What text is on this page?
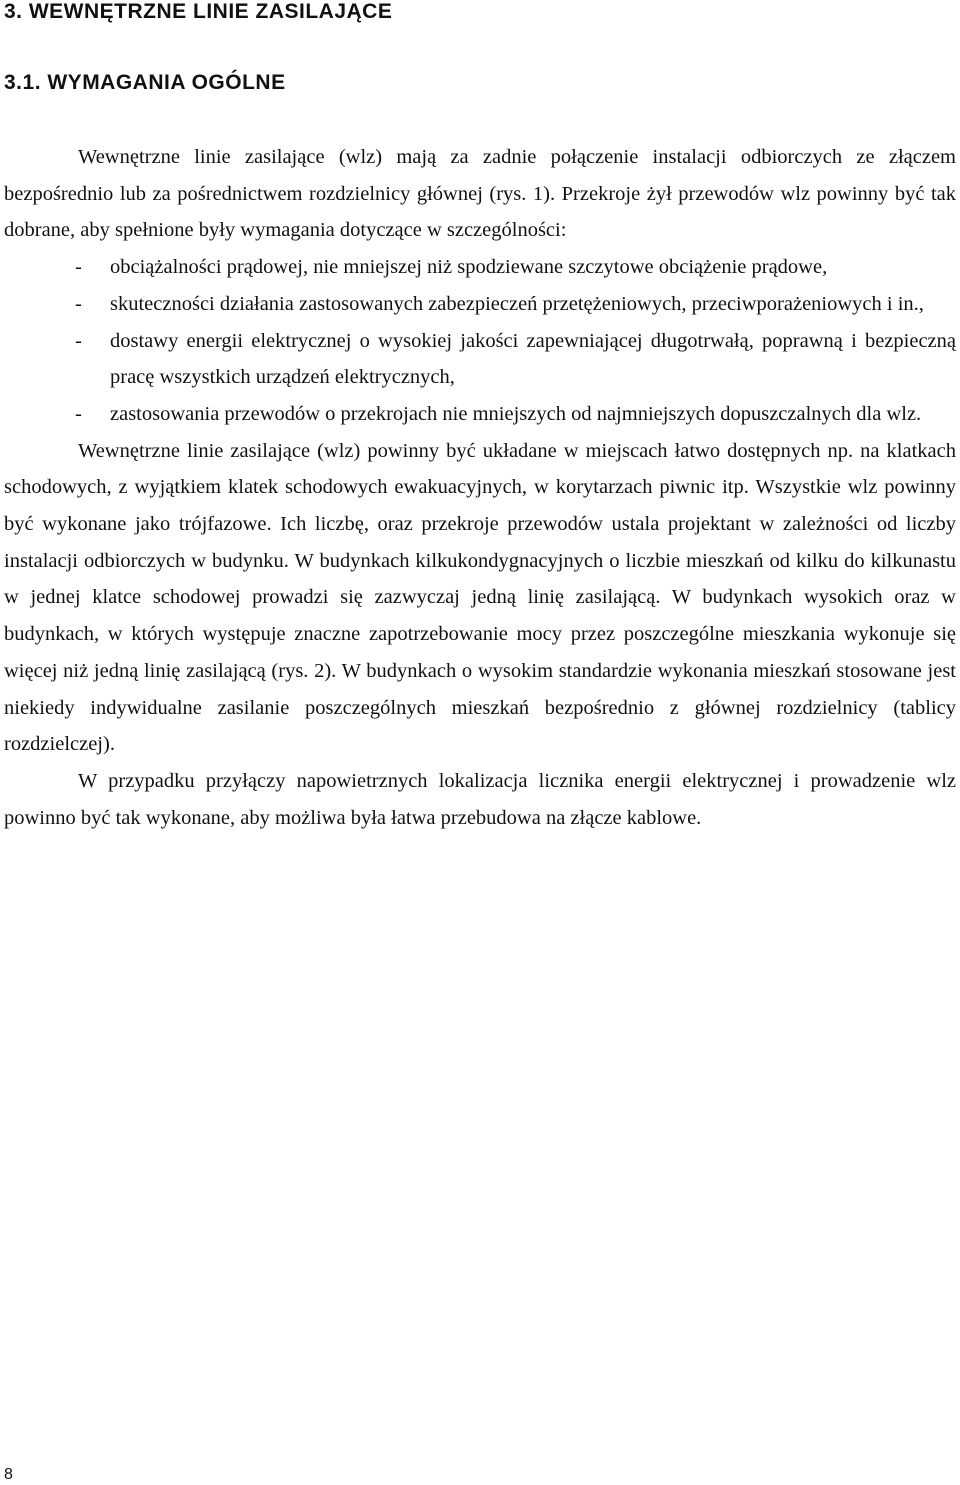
3. WEWNĘTRZNE LINIE ZASILAJĄCE
3.1. WYMAGANIA OGÓLNE

Wewnętrzne linie zasilające (wlz) mają za zadnie połączenie instalacji odbiorczych ze złączem bezpośrednio lub za pośrednictwem rozdzielnicy głównej (rys. 1). Przekroje żył przewodów wlz powinny być tak dobrane, aby spełnione były wymagania dotyczące w szczególności:

- obciążalności prądowej, nie mniejszej niż spodziewane szczytowe obciążenie prądowe,
- skuteczności działania zastosowanych zabezpieczeń przetężeniowych, przeciwporażeniowych i in.,
- dostawy energii elektrycznej o wysokiej jakości zapewniającej długotrwałą, poprawną i bezpieczną pracę wszystkich urządzeń elektrycznych,
- zastosowania przewodów o przekrojach nie mniejszych od najmniejszych dopuszczalnych dla wlz.

Wewnętrzne linie zasilające (wlz) powinny być układane w miejscach łatwo dostępnych np. na klatkach schodowych, z wyjątkiem klatek schodowych ewakuacyjnych, w korytarzach piwnic itp. Wszystkie wlz powinny być wykonane jako trójfazowe. Ich liczbę, oraz przekroje przewodów ustala projektant w zależności od liczby instalacji odbiorczych w budynku. W budynkach kilkukondygnacyjnych o liczbie mieszkań od kilku do kilkunastu w jednej klatce schodowej prowadzi się zazwyczaj jedną linię zasilającą. W budynkach wysokich oraz w budynkach, w których występuje znaczne zapotrzebowanie mocy przez poszczególne mieszkania wykonuje się więcej niż jedną linię zasilającą (rys. 2). W budynkach o wysokim standardzie wykonania mieszkań stosowane jest niekiedy indywidualne zasilanie poszczególnych mieszkań bezpośrednio z głównej rozdzielnicy (tablicy rozdzielczej).

W przypadku przyłączy napowietrznych lokalizacja licznika energii elektrycznej i prowadzenie wlz powinno być tak wykonane, aby możliwa była łatwa przebudowa na złącze kablowe.

8
